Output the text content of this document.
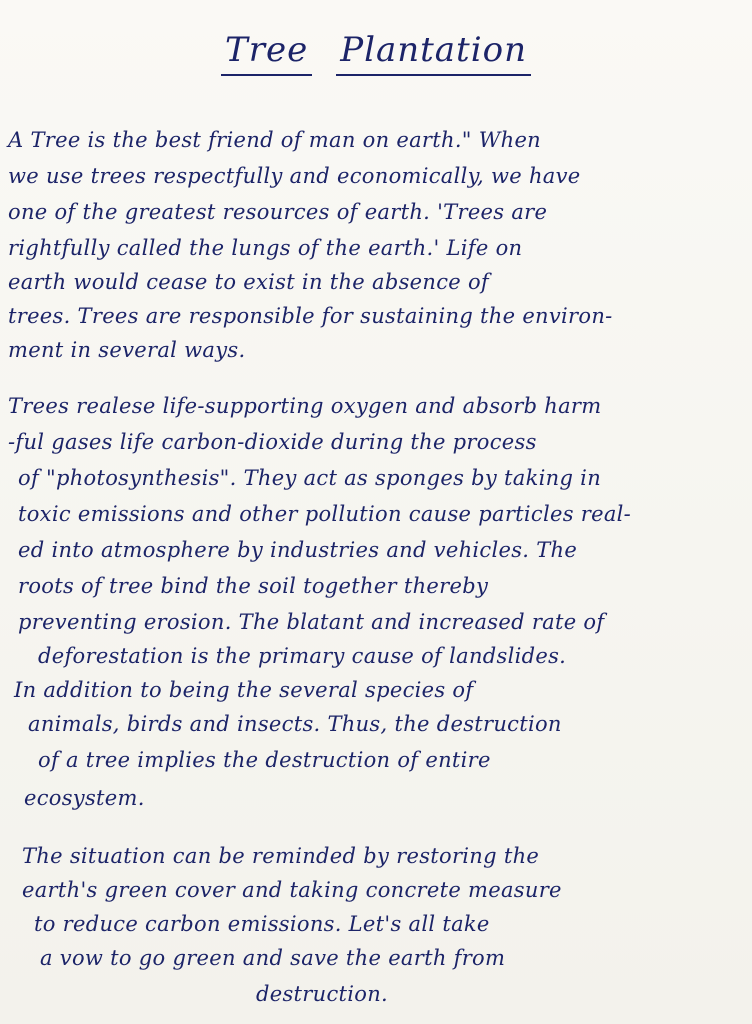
Tree Plantation
A Tree is the best friend of man on earth." When
we use trees respectfully and economically, we have
one of the greatest resources of earth. 'Trees are
rightfully called the lungs of the earth.' Life on
earth would cease to exist in the absence of
trees. Trees are responsible for sustaining the environ-
ment in several ways.
Trees realese life-supporting oxygen and absorb harm
-ful gases life carbon-dioxide during the process
of "photosynthesis". They act as sponges by taking in
toxic emissions and other pollution cause particles real-
ed into atmosphere by industries and vehicles. The
roots of tree bind the soil together thereby
preventing erosion. The blatant and increased rate of
deforestation is the primary cause of landslides.
In addition to being the several species of
animals, birds and insects. Thus, the destruction
of a tree implies the destruction of entire
ecosystem.
The situation can be reminded by restoring the
earth's green cover and taking concrete measure
to reduce carbon emissions. Let's all take
a vow to go green and save the earth from
destruction.
